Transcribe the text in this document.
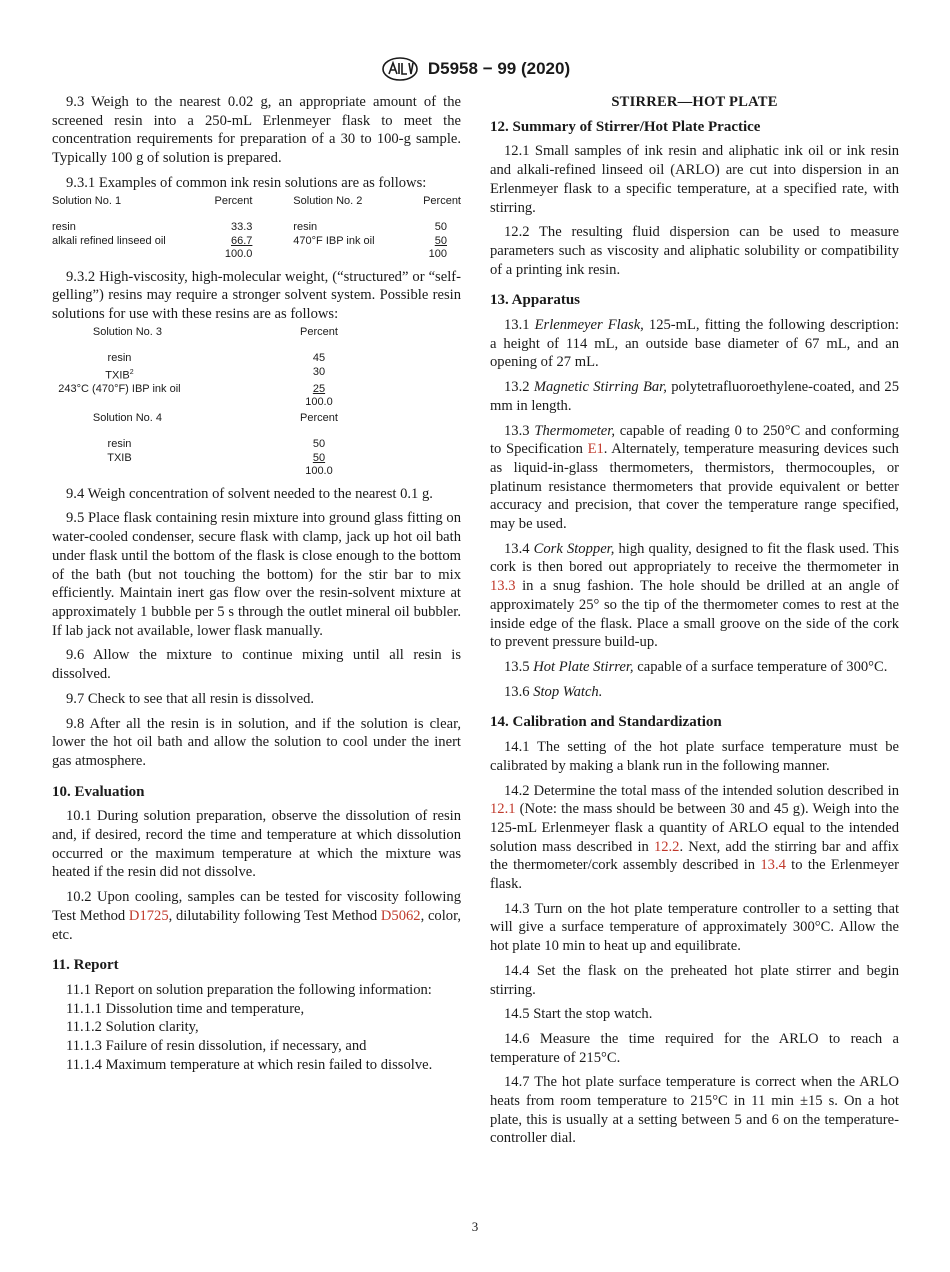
D5958 − 99 (2020)

9.3 Weigh to the nearest 0.02 g, an appropriate amount of the screened resin into a 250-mL Erlenmeyer flask to meet the concentration requirements for preparation of a 30 to 100-g sample. Typically 100 g of solution is prepared.

9.3.1 Examples of common ink resin solutions are as follows:

Solution No. 1	Percent		Solution No. 2	Percent

resin	33.3		resin	50
alkali refined linseed oil	66.7		470°F IBP ink oil	50
	100.0			100

9.3.2 High-viscosity, high-molecular weight, (“structured” or “self-gelling”) resins may require a stronger solvent system. Possible resin solutions for use with these resins are as follows:

	Solution No. 3	Percent

resin		45
TXIB$^2$		30
243°C (470°F) IBP ink oil		25
		100.0
	Solution No. 4	Percent

resin		50
TXIB		50
		100.0

9.4 Weigh concentration of solvent needed to the nearest 0.1 g.

9.5 Place flask containing resin mixture into ground glass fitting on water-cooled condenser, secure flask with clamp, jack up hot oil bath under flask until the bottom of the flask is close enough to the bottom of the bath (but not touching the bottom) for the stir bar to mix efficiently. Maintain inert gas flow over the resin-solvent mixture at approximately 1 bubble per 5 s through the outlet mineral oil bubbler. If lab jack not available, lower flask manually.

9.6 Allow the mixture to continue mixing until all resin is dissolved.

9.7 Check to see that all resin is dissolved.

9.8 After all the resin is in solution, and if the solution is clear, lower the hot oil bath and allow the solution to cool under the inert gas atmosphere.

10. Evaluation

10.1 During solution preparation, observe the dissolution of resin and, if desired, record the time and temperature at which dissolution occurred or the maximum temperature at which the mixture was heated if the resin did not dissolve.

10.2 Upon cooling, samples can be tested for viscosity following Test Method D1725, dilutability following Test Method D5062, color, etc.

11. Report

11.1 Report on solution preparation the following information:

11.1.1 Dissolution time and temperature,

11.1.2 Solution clarity,

11.1.3 Failure of resin dissolution, if necessary, and

11.1.4 Maximum temperature at which resin failed to dissolve.

STIRRER—HOT PLATE
12. Summary of Stirrer/Hot Plate Practice

12.1 Small samples of ink resin and aliphatic ink oil or ink resin and alkali-refined linseed oil (ARLO) are cut into dispersion in an Erlenmeyer flask to a specific temperature, at a specified rate, with stirring.

12.2 The resulting fluid dispersion can be used to measure parameters such as viscosity and aliphatic solubility or compatibility of a printing ink resin.

13. Apparatus

13.1 Erlenmeyer Flask, 125-mL, fitting the following description: a height of 114 mL, an outside base diameter of 67 mL, and an opening of 27 mL.

13.2 Magnetic Stirring Bar, polytetrafluoroethylene-coated, and 25 mm in length.

13.3 Thermometer, capable of reading 0 to 250°C and conforming to Specification E1. Alternately, temperature measuring devices such as liquid-in-glass thermometers, thermistors, thermocouples, or platinum resistance thermometers that provide equivalent or better accuracy and precision, that cover the temperature range specified, may be used.

13.4 Cork Stopper, high quality, designed to fit the flask used. This cork is then bored out appropriately to receive the thermometer in 13.3 in a snug fashion. The hole should be drilled at an angle of approximately 25° so the tip of the thermometer comes to rest at the inside edge of the flask. Place a small groove on the side of the cork to prevent pressure build-up.

13.5 Hot Plate Stirrer, capable of a surface temperature of 300°C.

13.6 Stop Watch.

14. Calibration and Standardization

14.1 The setting of the hot plate surface temperature must be calibrated by making a blank run in the following manner.

14.2 Determine the total mass of the intended solution described in 12.1 (Note: the mass should be between 30 and 45 g). Weigh into the 125-mL Erlenmeyer flask a quantity of ARLO equal to the intended solution mass described in 12.2. Next, add the stirring bar and affix the thermometer/cork assembly described in 13.4 to the Erlenmeyer flask.

14.3 Turn on the hot plate temperature controller to a setting that will give a surface temperature of approximately 300°C. Allow the hot plate 10 min to heat up and equilibrate.

14.4 Set the flask on the preheated hot plate stirrer and begin stirring.

14.5 Start the stop watch.

14.6 Measure the time required for the ARLO to reach a temperature of 215°C.

14.7 The hot plate surface temperature is correct when the ARLO heats from room temperature to 215°C in 11 min ±15 s. On a hot plate, this is usually at a setting between 5 and 6 on the temperature-controller dial.

3
